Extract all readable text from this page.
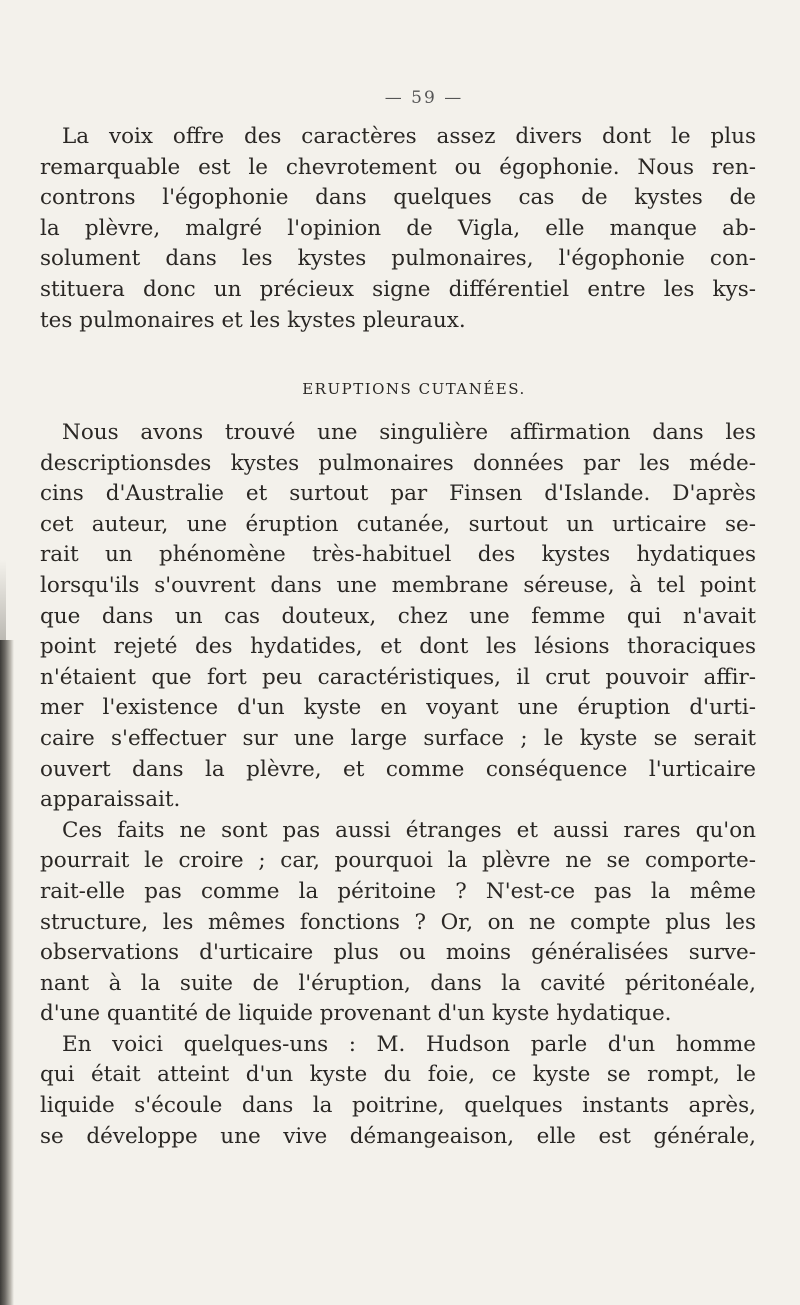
— 59 —
La voix offre des caractères assez divers dont le plus
remarquable est le chevrotement ou égophonie. Nous ren-
controns l'égophonie dans quelques cas de kystes de
la plèvre, malgré l'opinion de Vigla, elle manque ab-
solument dans les kystes pulmonaires, l'égophonie con-
stituera donc un précieux signe différentiel entre les kys-
tes pulmonaires et les kystes pleuraux.
ERUPTIONS CUTANÉES.
Nous avons trouvé une singulière affirmation dans les
descriptionsdes kystes pulmonaires données par les méde-
cins d'Australie et surtout par Finsen d'Islande. D'après
cet auteur, une éruption cutanée, surtout un urticaire se-
rait un phénomène très-habituel des kystes hydatiques
lorsqu'ils s'ouvrent dans une membrane séreuse, à tel point
que dans un cas douteux, chez une femme qui n'avait
point rejeté des hydatides, et dont les lésions thoraciques
n'étaient que fort peu caractéristiques, il crut pouvoir affir-
mer l'existence d'un kyste en voyant une éruption d'urti-
caire s'effectuer sur une large surface ; le kyste se serait
ouvert dans la plèvre, et comme conséquence l'urticaire
apparaissait.
Ces faits ne sont pas aussi étranges et aussi rares qu'on
pourrait le croire ; car, pourquoi la plèvre ne se comporte-
rait-elle pas comme la péritoine ? N'est-ce pas la même
structure, les mêmes fonctions ? Or, on ne compte plus les
observations d'urticaire plus ou moins généralisées surve-
nant à la suite de l'éruption, dans la cavité péritonéale,
d'une quantité de liquide provenant d'un kyste hydatique.
En voici quelques-uns : M. Hudson parle d'un homme
qui était atteint d'un kyste du foie, ce kyste se rompt, le
liquide s'écoule dans la poitrine, quelques instants après,
se développe une vive démangeaison, elle est générale,
